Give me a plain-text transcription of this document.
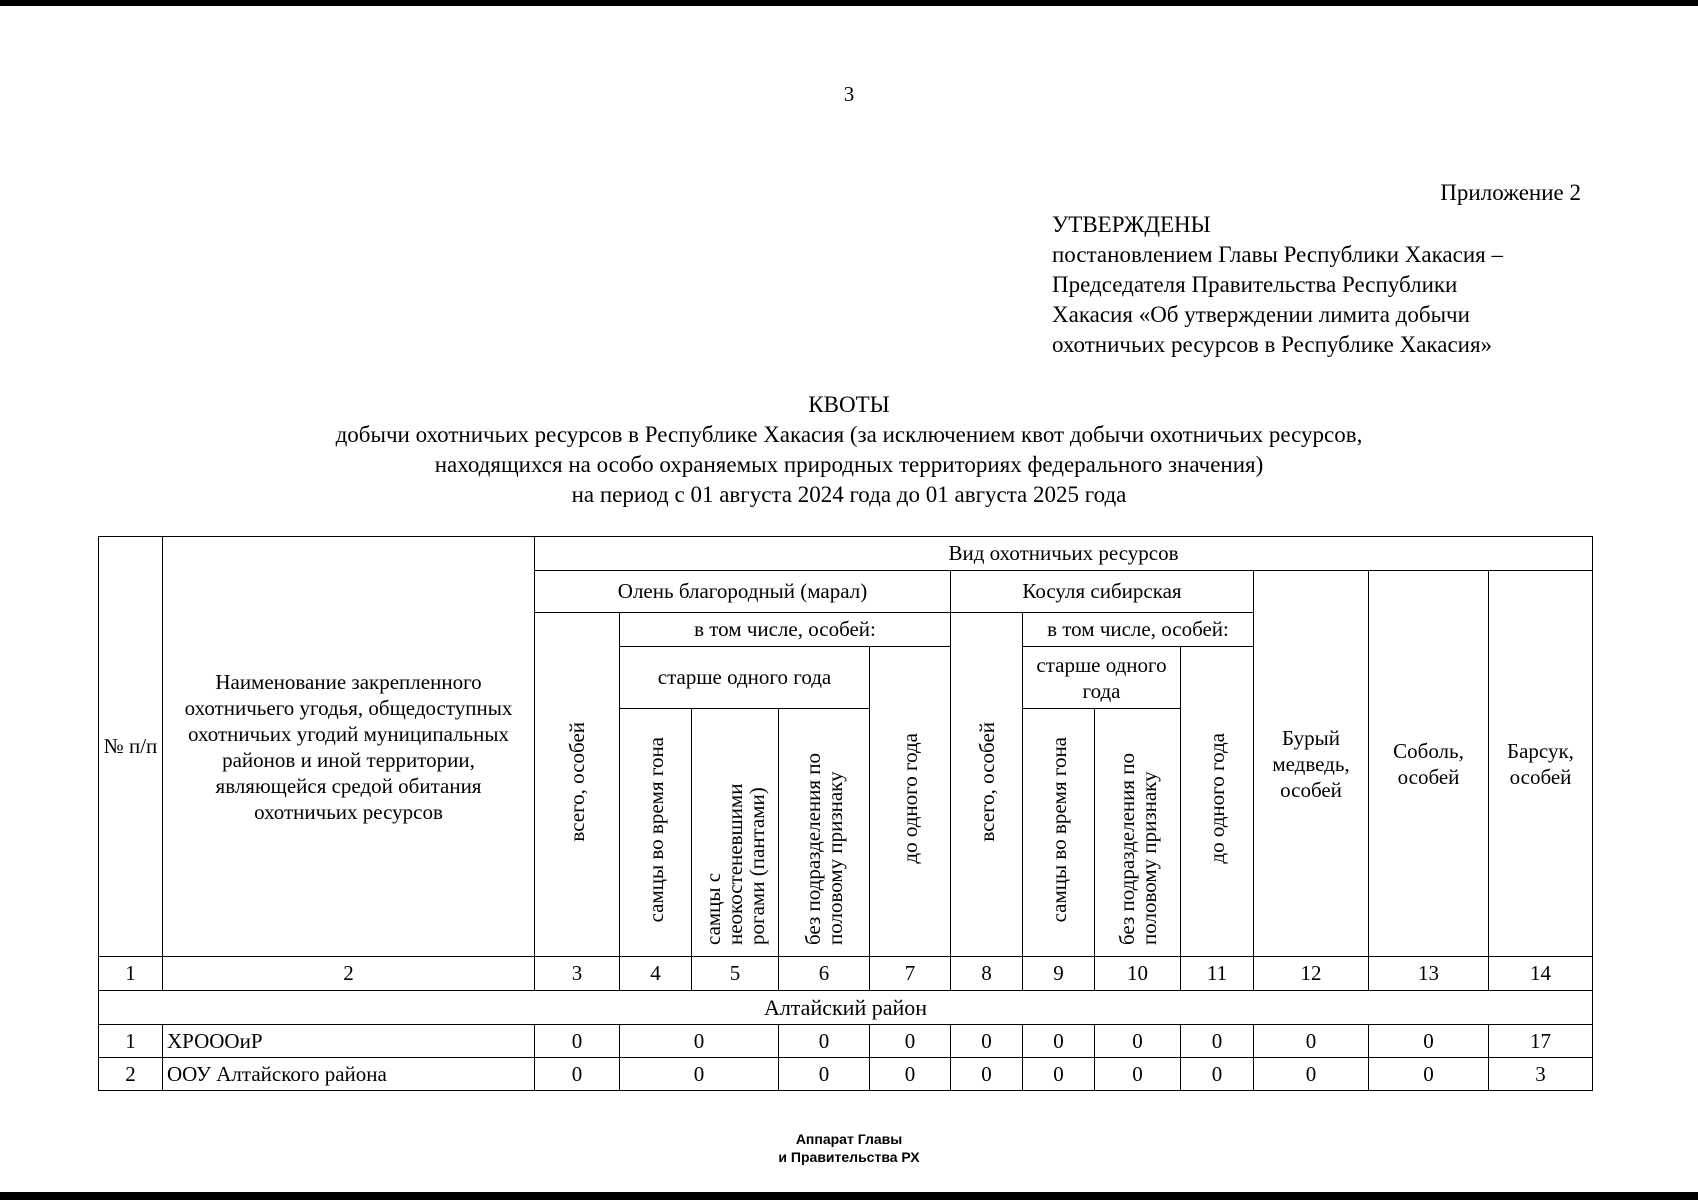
3
Приложение 2
УТВЕРЖДЕНЫ
постановлением Главы Республики Хакасия –
Председателя Правительства Республики
Хакасия «Об утверждении лимита добычи
охотничьих ресурсов в Республике Хакасия»
КВОТЫ
добычи охотничьих ресурсов в Республике Хакасия (за исключением квот добычи охотничьих ресурсов,
находящихся на особо охраняемых природных территориях федерального значения)
на период с 01 августа 2024 года до 01 августа 2025 года
№ п/п	Наименование закрепленного охотничьего угодья, общедоступных охотничьих угодий муниципальных районов и иной территории, являющейся средой обитания охотничьих ресурсов	Вид охотничьих ресурсов											
		Олень благородный (марал)					Косуля сибирская				Бурый медведь, особей	Соболь, особей	Барсук, особей
		всего, особей	в том числе, особей:				всего, особей	в том числе, особей:					
			старше одного года			до одного года		старше одного года		до одного года			
			самцы во время гона	самцы с неокостеневшими рогами (пантами)	без подразделения по половому признаку			самцы во время гона	без подразделения по половому признаку				
1	2	3	4	5	6	7	8	9	10	11	12	13	14
Алтайский район													
1	ХРОООиР	0	0		0	0	0	0	0	0	0	0	17
2	ООУ Алтайского района	0	0		0	0	0	0	0	0	0	0	3
Аппарат Главы
и Правительства РХ
